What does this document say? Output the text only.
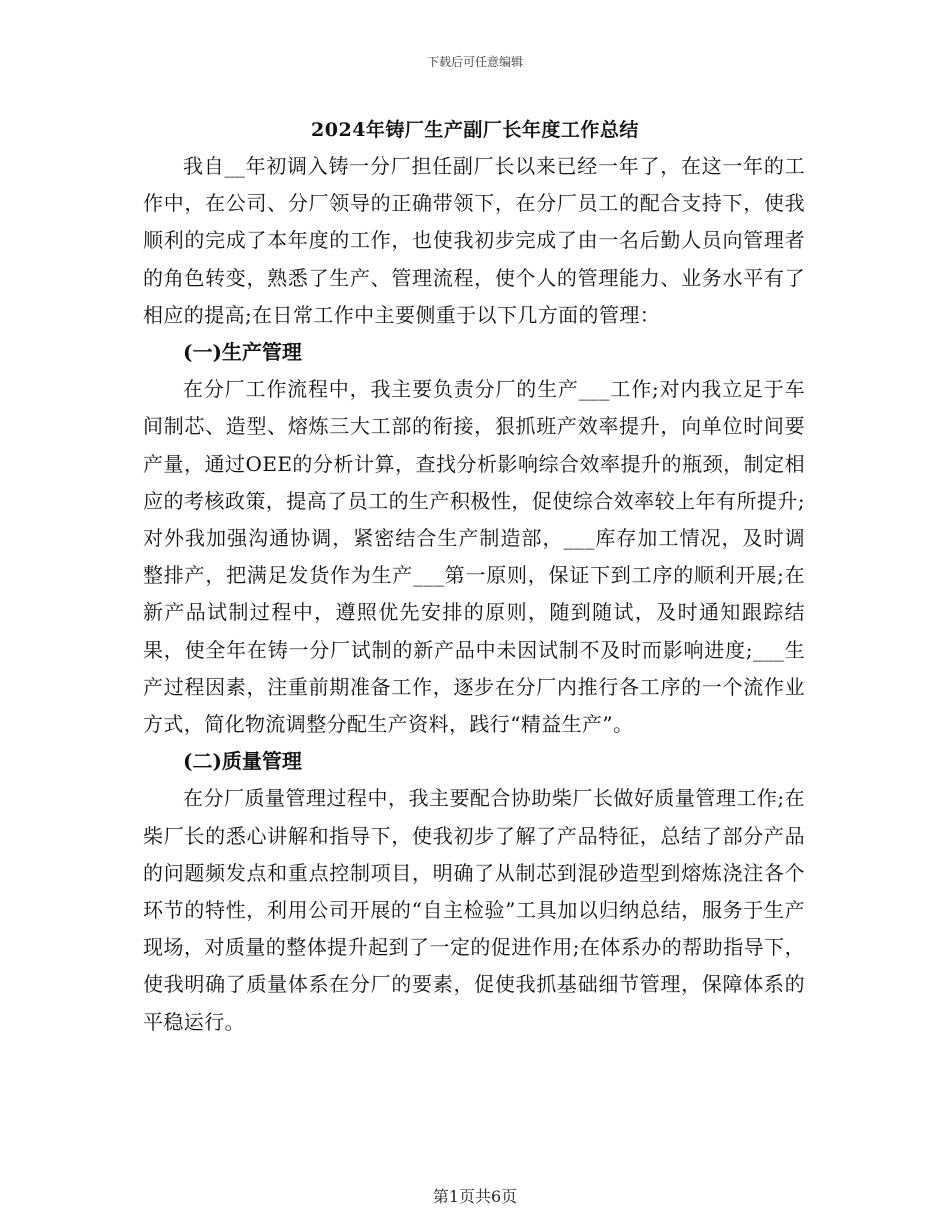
下载后可任意编辑
2024年铸厂生产副厂长年度工作总结

我自__年初调入铸一分厂担任副厂长以来已经一年了，在这一年的工作中，在公司、分厂领导的正确带领下，在分厂员工的配合支持下，使我顺利的完成了本年度的工作，也使我初步完成了由一名后勤人员向管理者的角色转变，熟悉了生产、管理流程，使个人的管理能力、业务水平有了相应的提高;在日常工作中主要侧重于以下几方面的管理：

(一)生产管理

在分厂工作流程中，我主要负责分厂的生产___工作;对内我立足于车间制芯、造型、熔炼三大工部的衔接，狠抓班产效率提升，向单位时间要产量，通过OEE的分析计算，查找分析影响综合效率提升的瓶颈，制定相应的考核政策，提高了员工的生产积极性，促使综合效率较上年有所提升;对外我加强沟通协调，紧密结合生产制造部，___库存加工情况，及时调整排产，把满足发货作为生产___第一原则，保证下到工序的顺利开展;在新产品试制过程中，遵照优先安排的原则，随到随试，及时通知跟踪结果，使全年在铸一分厂试制的新产品中未因试制不及时而影响进度;___生产过程因素，注重前期准备工作，逐步在分厂内推行各工序的一个流作业方式，简化物流调整分配生产资料，践行“精益生产”。

(二)质量管理

在分厂质量管理过程中，我主要配合协助柴厂长做好质量管理工作;在柴厂长的悉心讲解和指导下，使我初步了解了产品特征，总结了部分产品的问题频发点和重点控制项目，明确了从制芯到混砂造型到熔炼浇注各个环节的特性，利用公司开展的“自主检验”工具加以归纳总结，服务于生产现场，对质量的整体提升起到了一定的促进作用;在体系办的帮助指导下，使我明确了质量体系在分厂的要素，促使我抓基础细节管理，保障体系的平稳运行。

第1页共6页
